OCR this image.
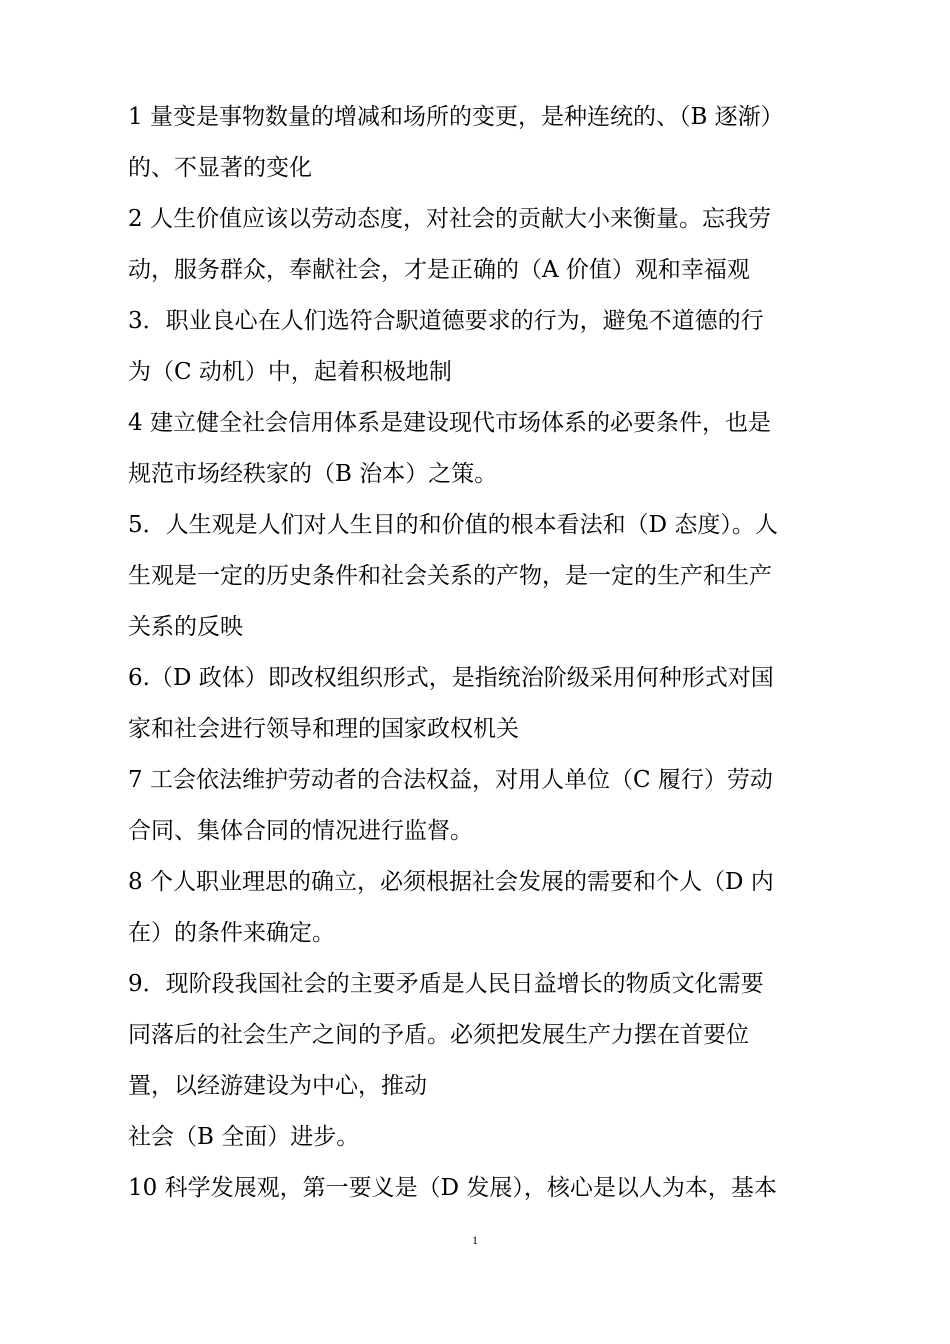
1 量变是事物数量的增减和场所的变更，是种连统的、（B 逐渐）
的、不显著的变化
2 人生价值应该以劳动态度，对社会的贡献大小来衡量。忘我劳
动，服务群众，奉献社会，才是正确的（A 价值）观和幸福观
3．职业良心在人们选符合駅道德要求的行为，避兔不道德的行
为（C 动机）中，起着积极地制
4 建立健全社会信用体系是建设现代市场体系的必要条件，也是
规范市场经秩家的（B 治本）之策。
5．人生观是人们对人生目的和价值的根本看法和（D 态度）。人
生观是一定的历史条件和社会关系的产物，是一定的生产和生产
关系的反映
6.（D 政体）即改权组织形式，是指统治阶级采用何种形式对国
家和社会进行领导和理的国家政权机关
7 工会依法维护劳动者的合法权益，对用人单位（C 履行）劳动
合同、集体合同的情况进行监督。
8 个人职业理思的确立，必须根据社会发展的需要和个人（D 内
在）的条件来确定。
9．现阶段我国社会的主要矛盾是人民日益增长的物质文化需要
同落后的社会生产之间的予盾。必须把发展生产力摆在首要位
置，以经游建设为中心，推动
社会（B 全面）进步。
10 科学发展观，第一要义是（D 发展），核心是以人为本，基本
1
